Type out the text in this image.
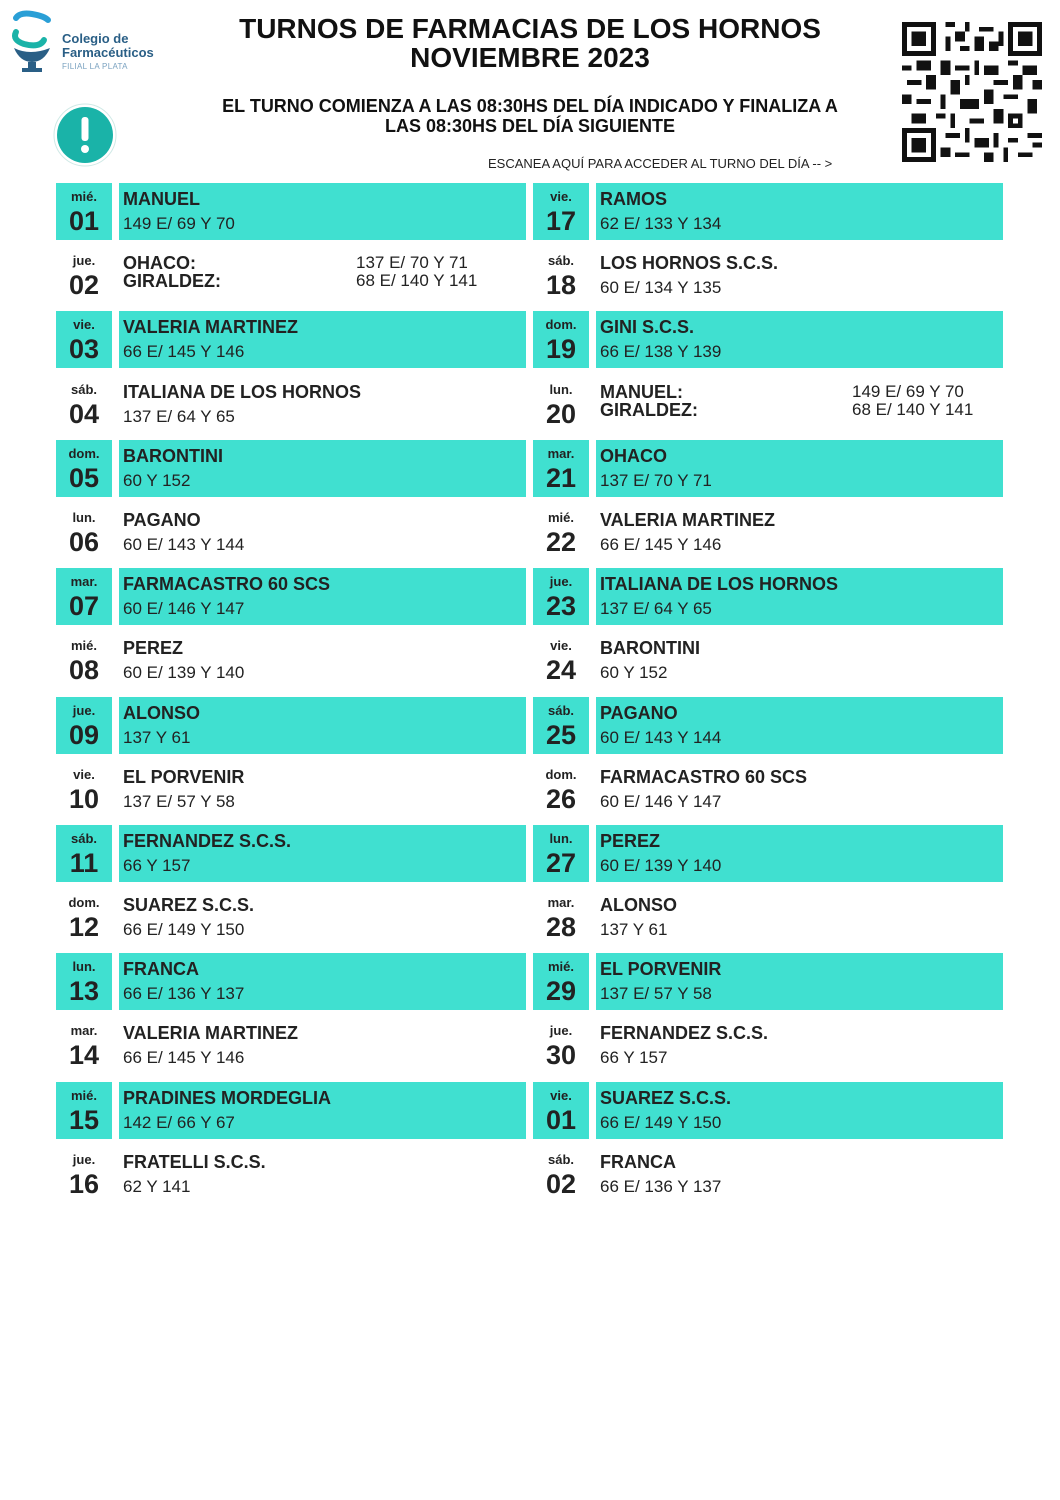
Colegio de
Farmacéuticos
FILIAL LA PLATA
TURNOS DE FARMACIAS DE LOS HORNOS
NOVIEMBRE 2023
EL TURNO COMIENZA A LAS 08:30HS DEL DÍA INDICADO Y FINALIZA A
LAS 08:30HS DEL DÍA SIGUIENTE
ESCANEA AQUÍ PARA ACCEDER AL TURNO DEL DÍA -- >
mié.
01
MANUEL
149 E/ 69 Y 70
jue.
02
OHACO:	137 E/ 70 Y 71
GIRALDEZ:	68 E/ 140 Y 141
vie.
03
VALERIA MARTINEZ
66 E/ 145 Y 146
sáb.
04
ITALIANA DE LOS HORNOS
137 E/ 64 Y 65
dom.
05
BARONTINI
60 Y 152
lun.
06
PAGANO
60 E/ 143 Y 144
mar.
07
FARMACASTRO 60 SCS
60 E/ 146 Y 147
mié.
08
PEREZ
60 E/ 139 Y 140
jue.
09
ALONSO
137 Y 61
vie.
10
EL PORVENIR
137 E/ 57 Y 58
sáb.
11
FERNANDEZ S.C.S.
66 Y 157
dom.
12
SUAREZ S.C.S.
66 E/ 149 Y 150
lun.
13
FRANCA
66 E/ 136 Y 137
mar.
14
VALERIA MARTINEZ
66 E/ 145 Y 146
mié.
15
PRADINES MORDEGLIA
142 E/ 66 Y 67
jue.
16
FRATELLI S.C.S.
62 Y 141
vie.
17
RAMOS
62 E/ 133 Y 134
sáb.
18
LOS HORNOS S.C.S.
60 E/ 134 Y 135
dom.
19
GINI S.C.S.
66 E/ 138 Y 139
lun.
20
MANUEL:	149 E/ 69 Y 70
GIRALDEZ:	68 E/ 140 Y 141
mar.
21
OHACO
137 E/ 70 Y 71
mié.
22
VALERIA MARTINEZ
66 E/ 145 Y 146
jue.
23
ITALIANA DE LOS HORNOS
137 E/ 64 Y 65
vie.
24
BARONTINI
60 Y 152
sáb.
25
PAGANO
60 E/ 143 Y 144
dom.
26
FARMACASTRO 60 SCS
60 E/ 146 Y 147
lun.
27
PEREZ
60 E/ 139 Y 140
mar.
28
ALONSO
137 Y 61
mié.
29
EL PORVENIR
137 E/ 57 Y 58
jue.
30
FERNANDEZ S.C.S.
66 Y 157
vie.
01
SUAREZ S.C.S.
66 E/ 149 Y 150
sáb.
02
FRANCA
66 E/ 136 Y 137
